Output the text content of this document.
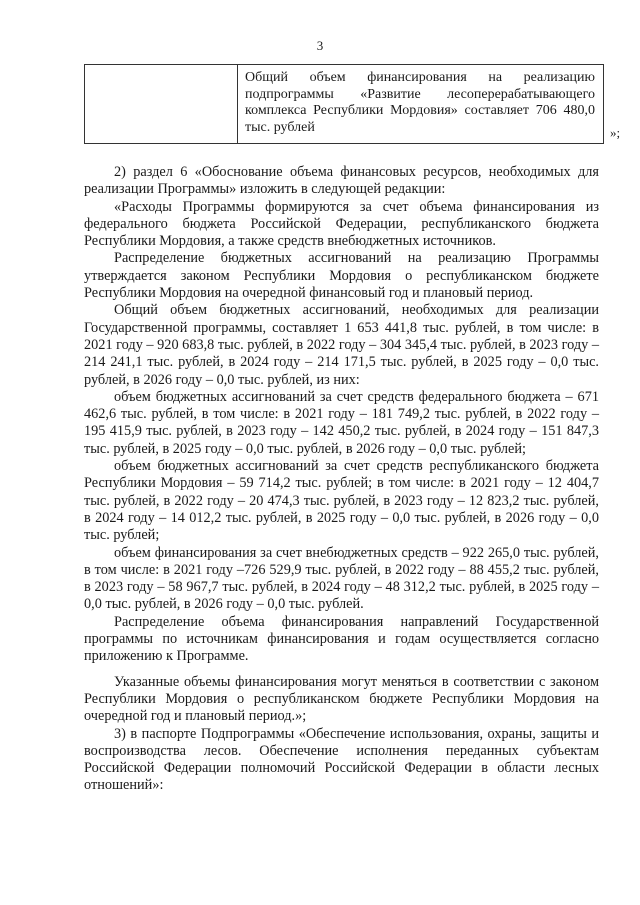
3
	Общий объем финансирования на реализацию подпрограммы «Развитие лесоперерабатывающего комплекса Республики Мордовия» составляет 706 480,0 тыс. рублей	»;

2) раздел 6 «Обоснование объема финансовых ресурсов, необходимых для реализации Программы» изложить в следующей редакции:

«Расходы Программы формируются за счет объема финансирования из федерального бюджета Российской Федерации, республиканского бюджета Республики Мордовия, а также средств внебюджетных источников.

Распределение бюджетных ассигнований на реализацию Программы утверждается законом Республики Мордовия о республиканском бюджете Республики Мордовия на очередной финансовый год и плановый период.

Общий объем бюджетных ассигнований, необходимых для реализации Государственной программы, составляет 1 653 441,8 тыс. рублей, в том числе: в 2021 году – 920 683,8 тыс. рублей, в 2022 году – 304 345,4 тыс. рублей, в 2023 году – 214 241,1 тыс. рублей, в 2024 году – 214 171,5 тыс. рублей, в 2025 году – 0,0 тыс. рублей, в 2026 году – 0,0 тыс. рублей, из них:

объем бюджетных ассигнований за счет средств федерального бюджета – 671 462,6 тыс. рублей, в том числе: в 2021 году – 181 749,2 тыс. рублей, в 2022 году – 195 415,9 тыс. рублей, в 2023 году – 142 450,2 тыс. рублей, в 2024 году – 151 847,3 тыс. рублей, в 2025 году – 0,0 тыс. рублей, в 2026 году – 0,0 тыс. рублей;

объем бюджетных ассигнований за счет средств республиканского бюджета Республики Мордовия – 59 714,2 тыс. рублей; в том числе: в 2021 году – 12 404,7 тыс. рублей, в 2022 году – 20 474,3 тыс. рублей, в 2023 году – 12 823,2 тыс. рублей, в 2024 году – 14 012,2 тыс. рублей, в 2025 году – 0,0 тыс. рублей, в 2026 году – 0,0 тыс. рублей;

объем финансирования за счет внебюджетных средств – 922 265,0 тыс. рублей, в том числе: в 2021 году –726 529,9 тыс. рублей, в 2022 году – 88 455,2 тыс. рублей, в 2023 году – 58 967,7 тыс. рублей, в 2024 году – 48 312,2 тыс. рублей, в 2025 году – 0,0 тыс. рублей, в 2026 году – 0,0 тыс. рублей.

Распределение объема финансирования направлений Государственной программы по источникам финансирования и годам осуществляется согласно приложению к Программе.

Указанные объемы финансирования могут меняться в соответствии с законом Республики Мордовия о республиканском бюджете Республики Мордовия на очередной год и плановый период.»;

3) в паспорте Подпрограммы «Обеспечение использования, охраны, защиты и воспроизводства лесов. Обеспечение исполнения переданных субъектам Российской Федерации полномочий Российской Федерации в области лесных отношений»:
